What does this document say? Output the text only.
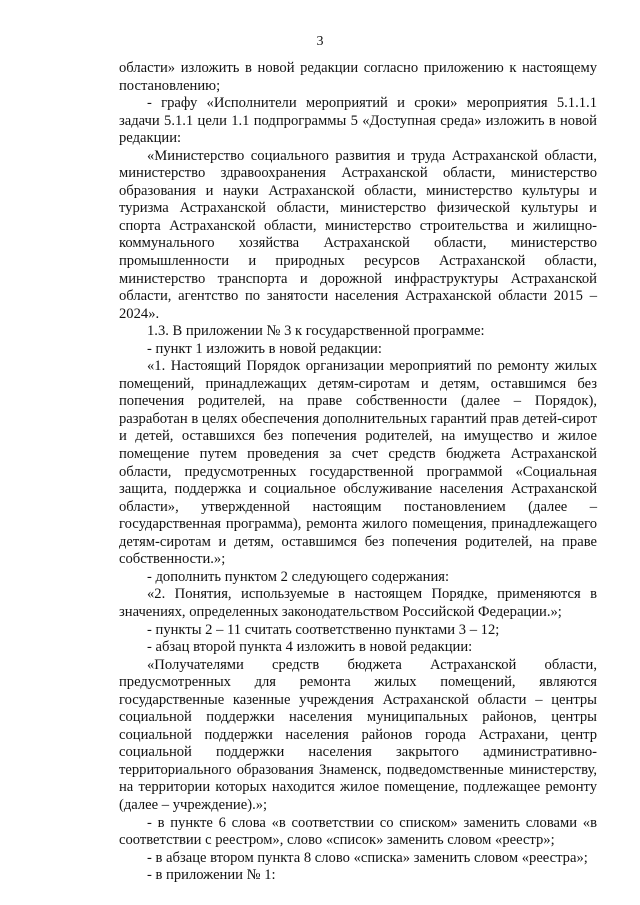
3

области» изложить в новой редакции согласно приложению к настоящему постановлению;

- графу «Исполнители мероприятий и сроки» мероприятия 5.1.1.1 задачи 5.1.1 цели 1.1 подпрограммы 5 «Доступная среда» изложить в новой редакции:

«Министерство социального развития и труда Астраханской области, министерство здравоохранения Астраханской области, министерство образования и науки Астраханской области, министерство культуры и туризма Астраханской области, министерство физической культуры и спорта Астраханской области, министерство строительства и жилищно-коммунального хозяйства Астраханской области, министерство промышленности и природных ресурсов Астраханской области, министерство транспорта и дорожной инфраструктуры Астраханской области, агентство по занятости населения Астраханской области 2015 – 2024».

1.3. В приложении № 3 к государственной программе:

- пункт 1 изложить в новой редакции:

«1. Настоящий Порядок организации мероприятий по ремонту жилых помещений, принадлежащих детям-сиротам и детям, оставшимся без попечения родителей, на праве собственности (далее – Порядок), разработан в целях обеспечения дополнительных гарантий прав детей-сирот и детей, оставшихся без попечения родителей, на имущество и жилое помещение путем проведения за счет средств бюджета Астраханской области, предусмотренных государственной программой «Социальная защита, поддержка и социальное обслуживание населения Астраханской области», утвержденной настоящим постановлением (далее – государственная программа), ремонта жилого помещения, принадлежащего детям-сиротам и детям, оставшимся без попечения родителей, на праве собственности.»;

- дополнить пунктом 2 следующего содержания:

«2. Понятия, используемые в настоящем Порядке, применяются в значениях, определенных законодательством Российской Федерации.»;

- пункты 2 – 11 считать соответственно пунктами 3 – 12;

- абзац второй пункта 4 изложить в новой редакции:

«Получателями средств бюджета Астраханской области, предусмотренных для ремонта жилых помещений, являются государственные казенные учреждения Астраханской области – центры социальной поддержки населения муниципальных районов, центры социальной поддержки населения районов города Астрахани, центр социальной поддержки населения закрытого административно-территориального образования Знаменск, подведомственные министерству, на территории которых находится жилое помещение, подлежащее ремонту (далее – учреждение).»;

- в пункте 6 слова «в соответствии со списком» заменить словами «в соответствии с реестром», слово «список» заменить словом «реестр»;

- в абзаце втором пункта 8 слово «списка» заменить словом «реестра»;

- в приложении № 1:
